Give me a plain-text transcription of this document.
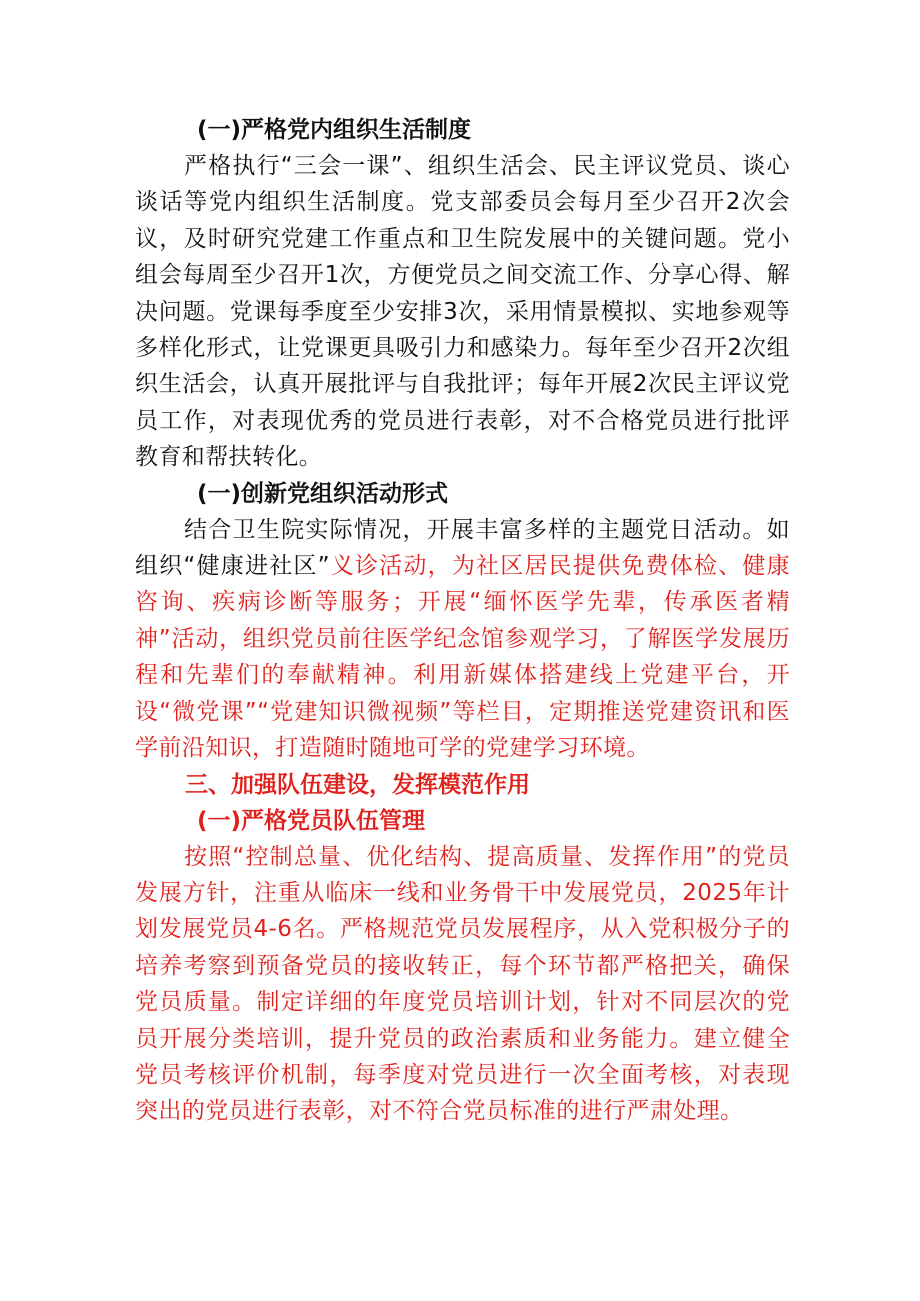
(一)严格党内组织生活制度

严格执行“三会一课”、组织生活会、民主评议党员、谈心谈话等党内组织生活制度。党支部委员会每月至少召开2次会议，及时研究党建工作重点和卫生院发展中的关键问题。党小组会每周至少召开1次，方便党员之间交流工作、分享心得、解决问题。党课每季度至少安排3次，采用情景模拟、实地参观等多样化形式，让党课更具吸引力和感染力。每年至少召开2次组织生活会，认真开展批评与自我批评；每年开展2次民主评议党员工作，对表现优秀的党员进行表彰，对不合格党员进行批评教育和帮扶转化。

(一)创新党组织活动形式

结合卫生院实际情况，开展丰富多样的主题党日活动。如组织“健康进社区”义诊活动，为社区居民提供免费体检、健康咨询、疾病诊断等服务；开展“缅怀医学先辈，传承医者精神”活动，组织党员前往医学纪念馆参观学习，了解医学发展历程和先辈们的奉献精神。利用新媒体搭建线上党建平台，开设“微党课”“党建知识微视频”等栏目，定期推送党建资讯和医学前沿知识，打造随时随地可学的党建学习环境。

三、加强队伍建设，发挥模范作用

(一)严格党员队伍管理

按照“控制总量、优化结构、提高质量、发挥作用”的党员发展方针，注重从临床一线和业务骨干中发展党员，2025年计划发展党员4-6名。严格规范党员发展程序，从入党积极分子的培养考察到预备党员的接收转正，每个环节都严格把关，确保党员质量。制定详细的年度党员培训计划，针对不同层次的党员开展分类培训，提升党员的政治素质和业务能力。建立健全党员考核评价机制，每季度对党员进行一次全面考核，对表现突出的党员进行表彰，对不符合党员标准的进行严肃处理。
